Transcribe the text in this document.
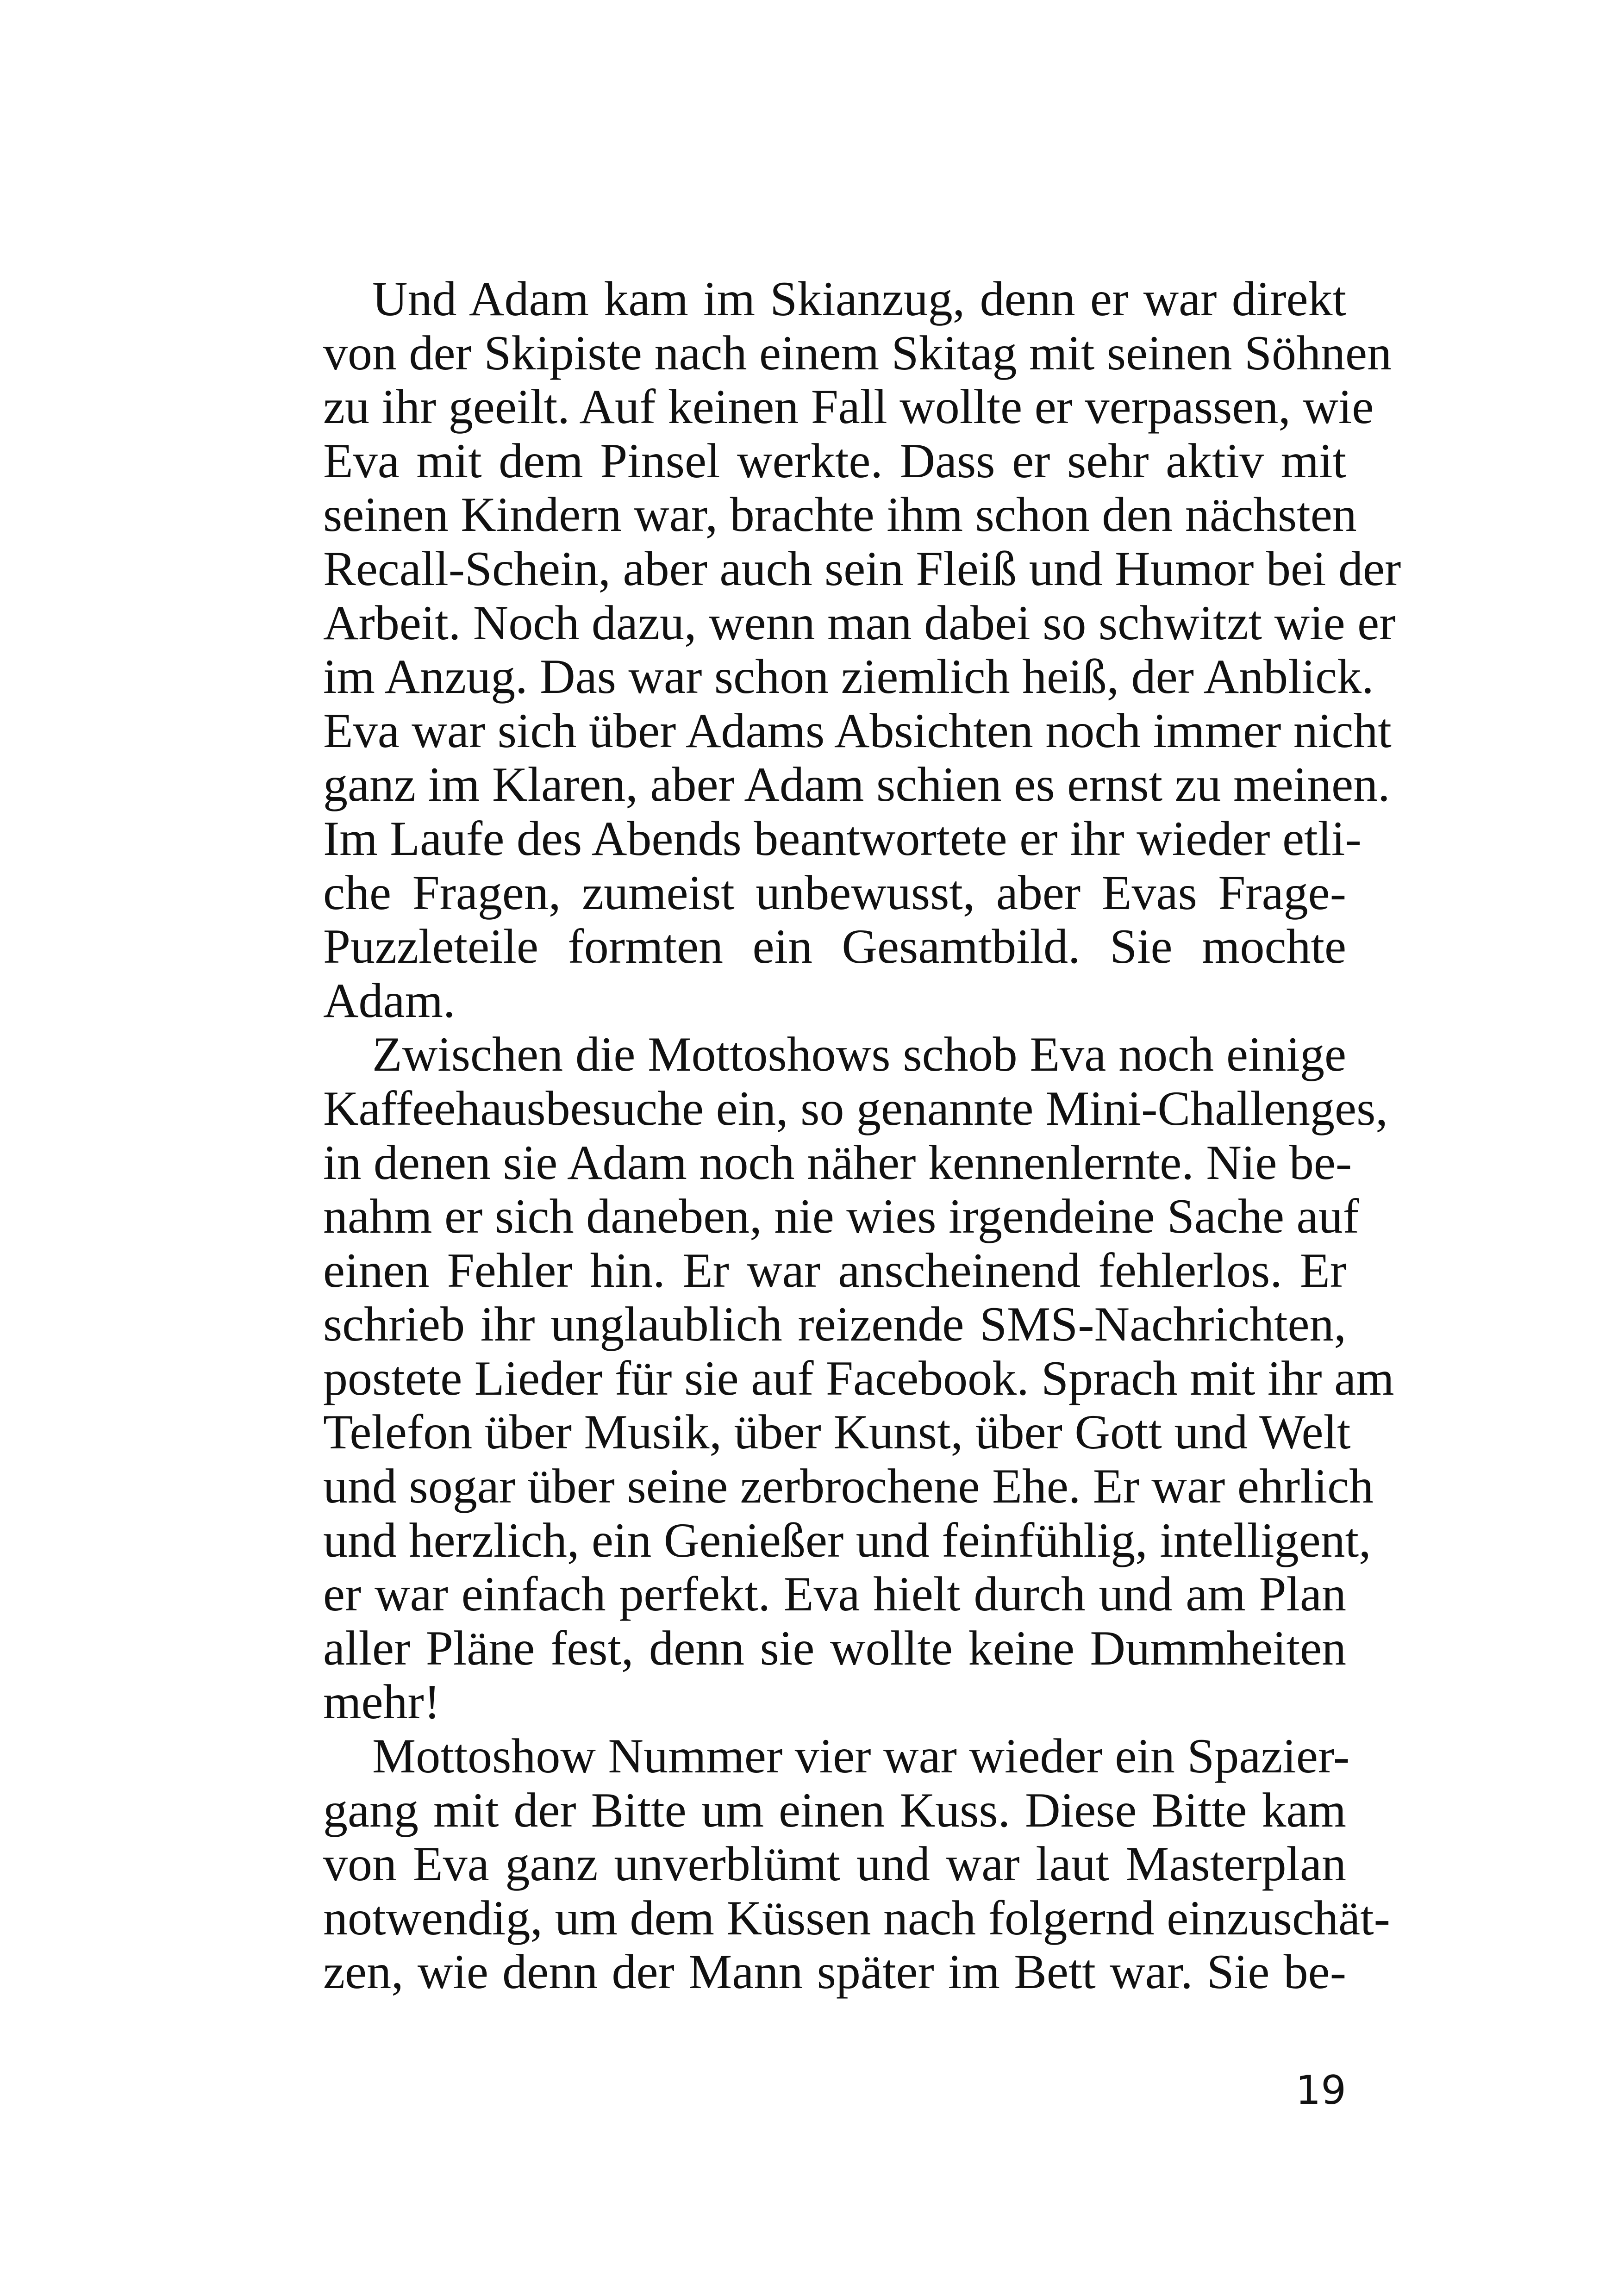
Und Adam kam im Skianzug, denn er war direkt
von der Skipiste nach einem Skitag mit seinen Söhnen
zu ihr geeilt. Auf keinen Fall wollte er verpassen, wie
Eva mit dem Pinsel werkte. Dass er sehr aktiv mit
seinen Kindern war, brachte ihm schon den nächsten
Recall-Schein, aber auch sein Fleiß und Humor bei der
Arbeit. Noch dazu, wenn man dabei so schwitzt wie er
im Anzug. Das war schon ziemlich heiß, der Anblick.
Eva war sich über Adams Absichten noch immer nicht
ganz im Klaren, aber Adam schien es ernst zu meinen.
Im Laufe des Abends beantwortete er ihr wieder etli-
che Fragen, zumeist unbewusst, aber Evas Frage-
Puzzleteile formten ein Gesamtbild. Sie mochte
Adam.
Zwischen die Mottoshows schob Eva noch einige
Kaffeehausbesuche ein, so genannte Mini-Challenges,
in denen sie Adam noch näher kennenlernte. Nie be-
nahm er sich daneben, nie wies irgendeine Sache auf
einen Fehler hin. Er war anscheinend fehlerlos. Er
schrieb ihr unglaublich reizende SMS-Nachrichten,
postete Lieder für sie auf Facebook. Sprach mit ihr am
Telefon über Musik, über Kunst, über Gott und Welt
und sogar über seine zerbrochene Ehe. Er war ehrlich
und herzlich, ein Genießer und feinfühlig, intelligent,
er war einfach perfekt. Eva hielt durch und am Plan
aller Pläne fest, denn sie wollte keine Dummheiten
mehr!
Mottoshow Nummer vier war wieder ein Spazier-
gang mit der Bitte um einen Kuss. Diese Bitte kam
von Eva ganz unverblümt und war laut Masterplan
notwendig, um dem Küssen nach folgernd einzuschät-
zen, wie denn der Mann später im Bett war. Sie be-
19
